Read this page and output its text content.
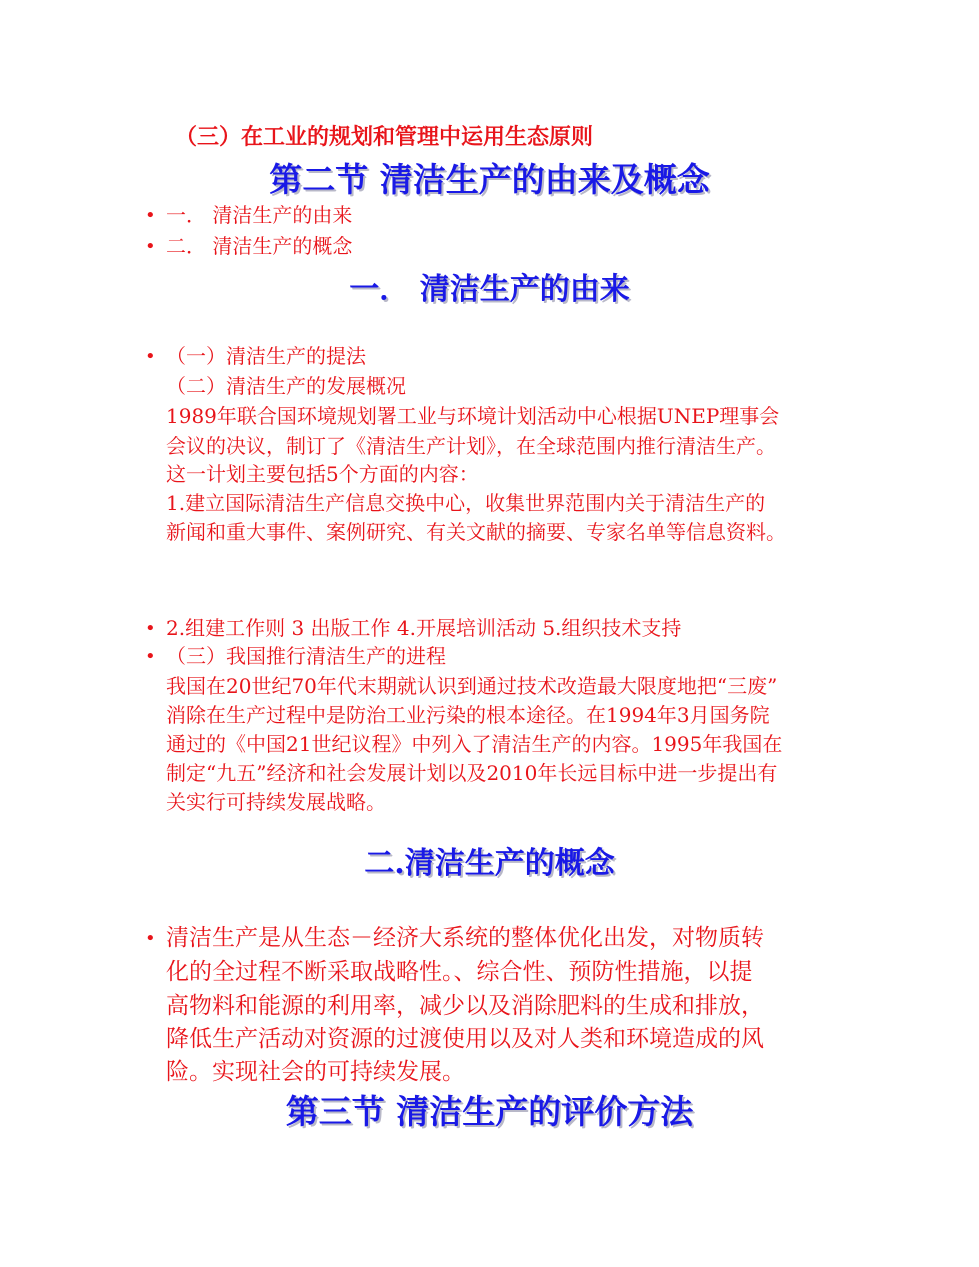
（三）在工业的规划和管理中运用生态原则
第二节 清洁生产的由来及概念
• 一． 清洁生产的由来
• 二． 清洁生产的概念
一． 清洁生产的由来
• （一）清洁生产的提法
（二）清洁生产的发展概况
1989年联合国环境规划署工业与环境计划活动中心根据UNEP理事会
会议的决议，制订了《清洁生产计划》，在全球范围内推行清洁生产。
这一计划主要包括5个方面的内容：
1.建立国际清洁生产信息交换中心，收集世界范围内关于清洁生产的
新闻和重大事件、案例研究、有关文献的摘要、专家名单等信息资料。
• 2.组建工作则 3 出版工作 4.开展培训活动 5.组织技术支持
• （三）我国推行清洁生产的进程
我国在20世纪70年代末期就认识到通过技术改造最大限度地把“三废”
消除在生产过程中是防治工业污染的根本途径。在1994年3月国务院
通过的《中国21世纪议程》中列入了清洁生产的内容。1995年我国在
制定“九五”经济和社会发展计划以及2010年长远目标中进一步提出有
关实行可持续发展战略。
二.清洁生产的概念
• 清洁生产是从生态－经济大系统的整体优化出发，对物质转
化的全过程不断采取战略性。、综合性、预防性措施，以提
高物料和能源的利用率，减少以及消除肥料的生成和排放，
降低生产活动对资源的过渡使用以及对人类和环境造成的风
险。实现社会的可持续发展。
第三节 清洁生产的评价方法
